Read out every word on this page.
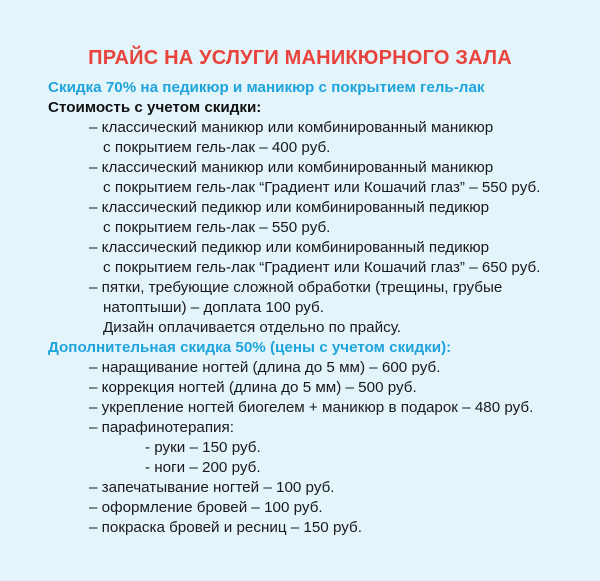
ПРАЙС НА УСЛУГИ МАНИКЮРНОГО ЗАЛА
Скидка 70% на педикюр и маникюр с покрытием гель-лак
Стоимость с учетом скидки:
– классический маникюр или комбинированный маникюр
с покрытием гель-лак – 400 руб.
– классический маникюр или комбинированный маникюр
с покрытием гель-лак “Градиент или Кошачий глаз” – 550 руб.
– классический педикюр или комбинированный педикюр
с покрытием гель-лак – 550 руб.
– классический педикюр или комбинированный педикюр
с покрытием гель-лак “Градиент или Кошачий глаз” – 650 руб.
– пятки, требующие сложной обработки (трещины, грубые
натоптыши) – доплата 100 руб.
Дизайн оплачивается отдельно по прайсу.
Дополнительная скидка 50% (цены с учетом скидки):
– наращивание ногтей (длина до 5 мм) – 600 руб.
– коррекция ногтей (длина до 5 мм) – 500 руб.
– укрепление ногтей биогелем + маникюр в подарок – 480 руб.
– парафинотерапия:
- руки – 150 руб.
- ноги – 200 руб.
– запечатывание ногтей – 100 руб.
– оформление бровей – 100 руб.
– покраска бровей и ресниц – 150 руб.
